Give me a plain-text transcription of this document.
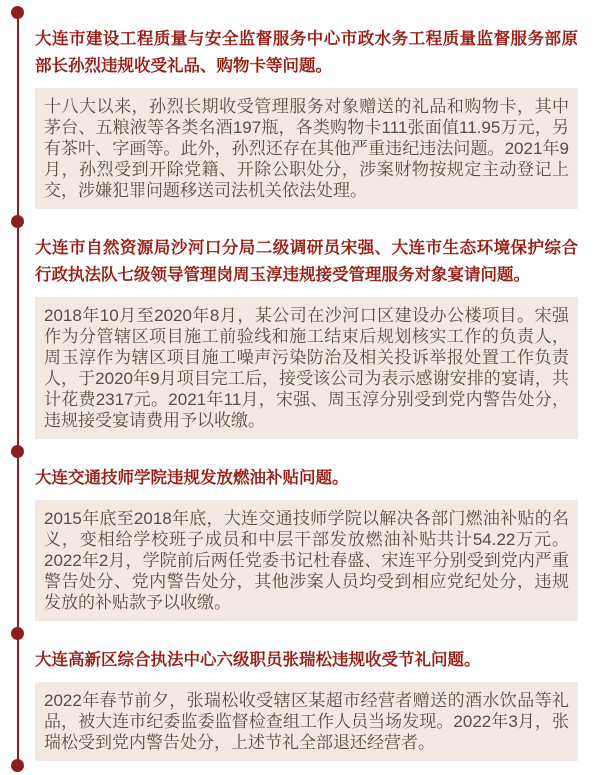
大连市建设工程质量与安全监督服务中心市政水务工程质量监督服务部原部长孙烈违规收受礼品、购物卡等问题。

十八大以来，孙烈长期收受管理服务对象赠送的礼品和购物卡，其中茅台、五粮液等各类名酒197瓶，各类购物卡111张面值11.95万元，另有茶叶、字画等。此外，孙烈还存在其他严重违纪违法问题。2021年9月，孙烈受到开除党籍、开除公职处分，涉案财物按规定主动登记上交，涉嫌犯罪问题移送司法机关依法处理。

大连市自然资源局沙河口分局二级调研员宋强、大连市生态环境保护综合行政执法队七级领导管理岗周玉淳违规接受管理服务对象宴请问题。

2018年10月至2020年8月，某公司在沙河口区建设办公楼项目。宋强作为分管辖区项目施工前验线和施工结束后规划核实工作的负责人，周玉淳作为辖区项目施工噪声污染防治及相关投诉举报处置工作负责人，于2020年9月项目完工后，接受该公司为表示感谢安排的宴请，共计花费2317元。2021年11月，宋强、周玉淳分别受到党内警告处分，违规接受宴请费用予以收缴。

大连交通技师学院违规发放燃油补贴问题。

2015年底至2018年底，大连交通技师学院以解决各部门燃油补贴的名义，变相给学校班子成员和中层干部发放燃油补贴共计54.22万元。2022年2月，学院前后两任党委书记杜春盛、宋连平分别受到党内严重警告处分、党内警告处分，其他涉案人员均受到相应党纪处分，违规发放的补贴款予以收缴。

大连高新区综合执法中心六级职员张瑞松违规收受节礼问题。

2022年春节前夕，张瑞松收受辖区某超市经营者赠送的酒水饮品等礼品，被大连市纪委监委监督检查组工作人员当场发现。2022年3月，张瑞松受到党内警告处分，上述节礼全部退还经营者。
